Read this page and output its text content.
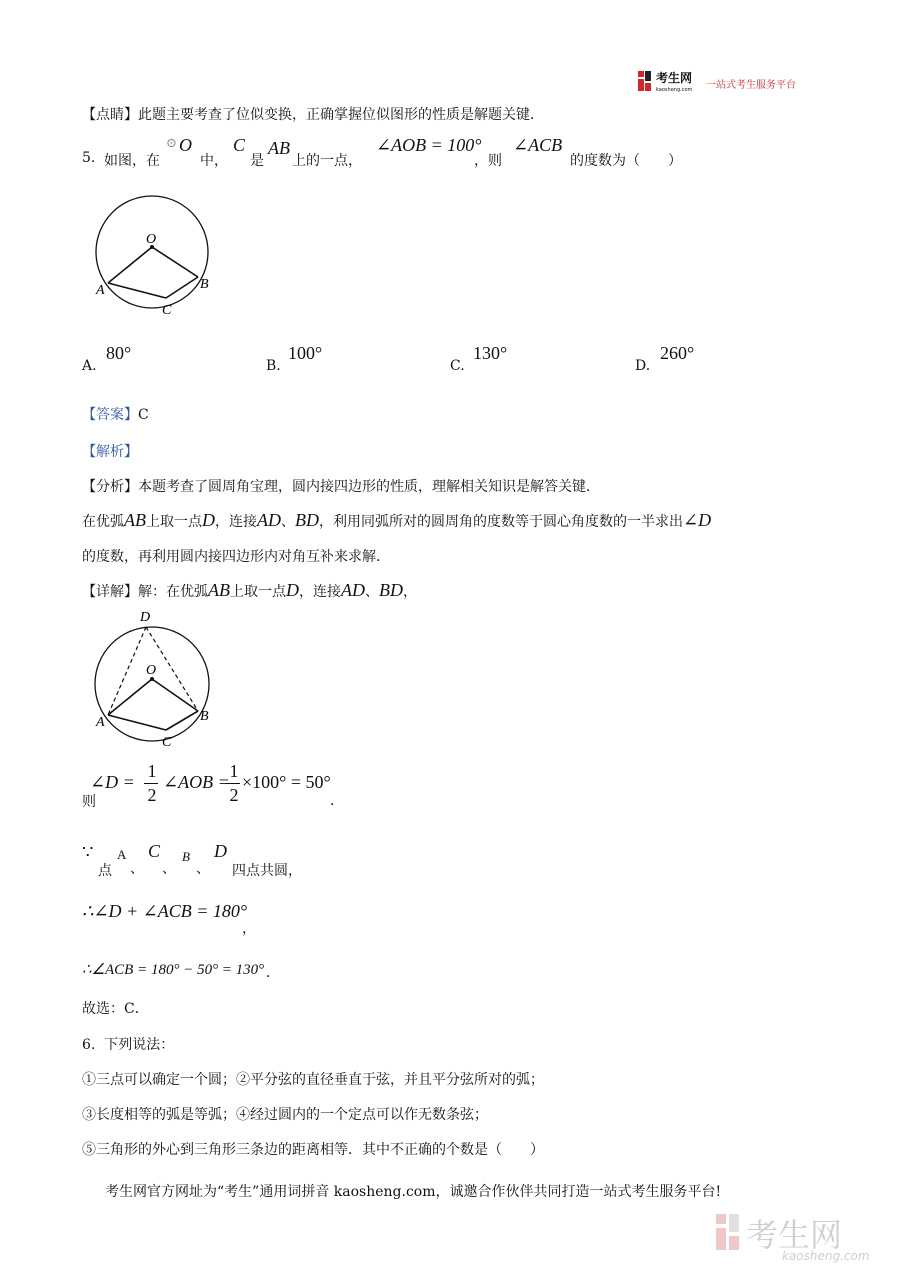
考生网
kaosheng.com 一站式考生服务平台
【点睛】此题主要考查了位似变换，正确掌握位似图形的性质是解题关键．
5. 如图，在
⊙ O
中，
C
是
AB
上的一点，
∠AOB = 100°
，则
∠ACB
的度数为（　　）
O
A	B
C
A.
80°
B.
100°
C.
130°
D.
260°
【答案】C
【解析】
【分析】本题考查了圆周角宝理，圆内接四边形的性质，理解相关知识是解答关键．
在优弧AB上取一点D，连接AD、BD，利用同弧所对的圆周角的度数等于圆心角度数的一半求出∠D
的度数，再利用圆内接四边形内对角互补来求解．
【详解】解：在优弧AB上取一点D，连接AD、BD，
D
O
A	B
C
则
∠D =
1
2
∠AOB =
1
2
×100° = 50°
．
∵
点
A
、
C
、
B
、
D
四点共圆，
∴∠D + ∠ACB = 180°
，
∴∠ACB = 180° − 50° = 130° ．
故选：C．
6. 下列说法：
①三点可以确定一个圆；②平分弦的直径垂直于弦，并且平分弦所对的弧；
③长度相等的弧是等弧；④经过圆内的一个定点可以作无数条弦；
⑤三角形的外心到三角形三条边的距离相等．其中不正确的个数是（　　）
考生网官方网址为“考生”通用词拼音 kaosheng.com，诚邀合作伙伴共同打造一站式考生服务平台!
考生网
kaosheng.com
